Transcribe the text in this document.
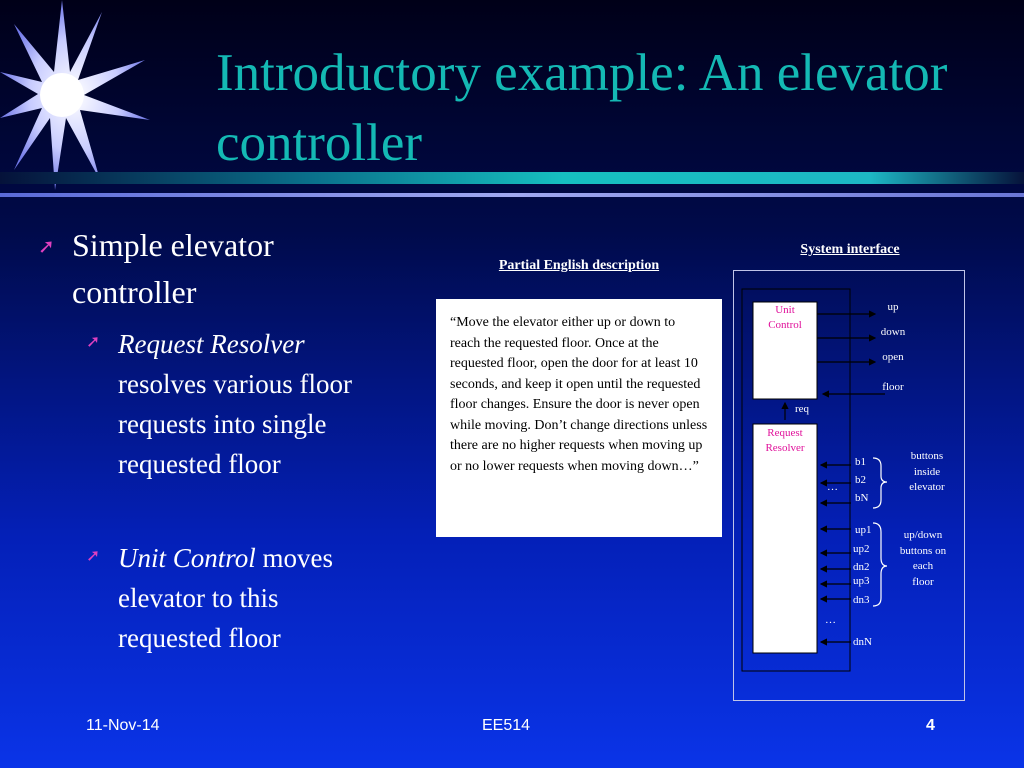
Introductory example: An elevator controller
➚ Simple elevator controller
➚ Request Resolver resolves various floor requests into single requested floor
➚ Unit Control moves elevator to this requested floor
Partial English description
“Move the elevator either up or down to reach the requested floor. Once at the requested floor, open the door for at least 10 seconds, and keep it open until the requested floor changes. Ensure the door is never open while moving. Don’t change directions unless there are no higher requests when moving up or no lower requests when moving down…”
System interface
Unit
Control
Request
Resolver
up
down
open
floor
req
b1
b2
…
bN
up1
up2
dn2
up3
dn3
…
dnN
buttons
inside
elevator
up/down
buttons on
each
floor
11-Nov-14	EE514	4
